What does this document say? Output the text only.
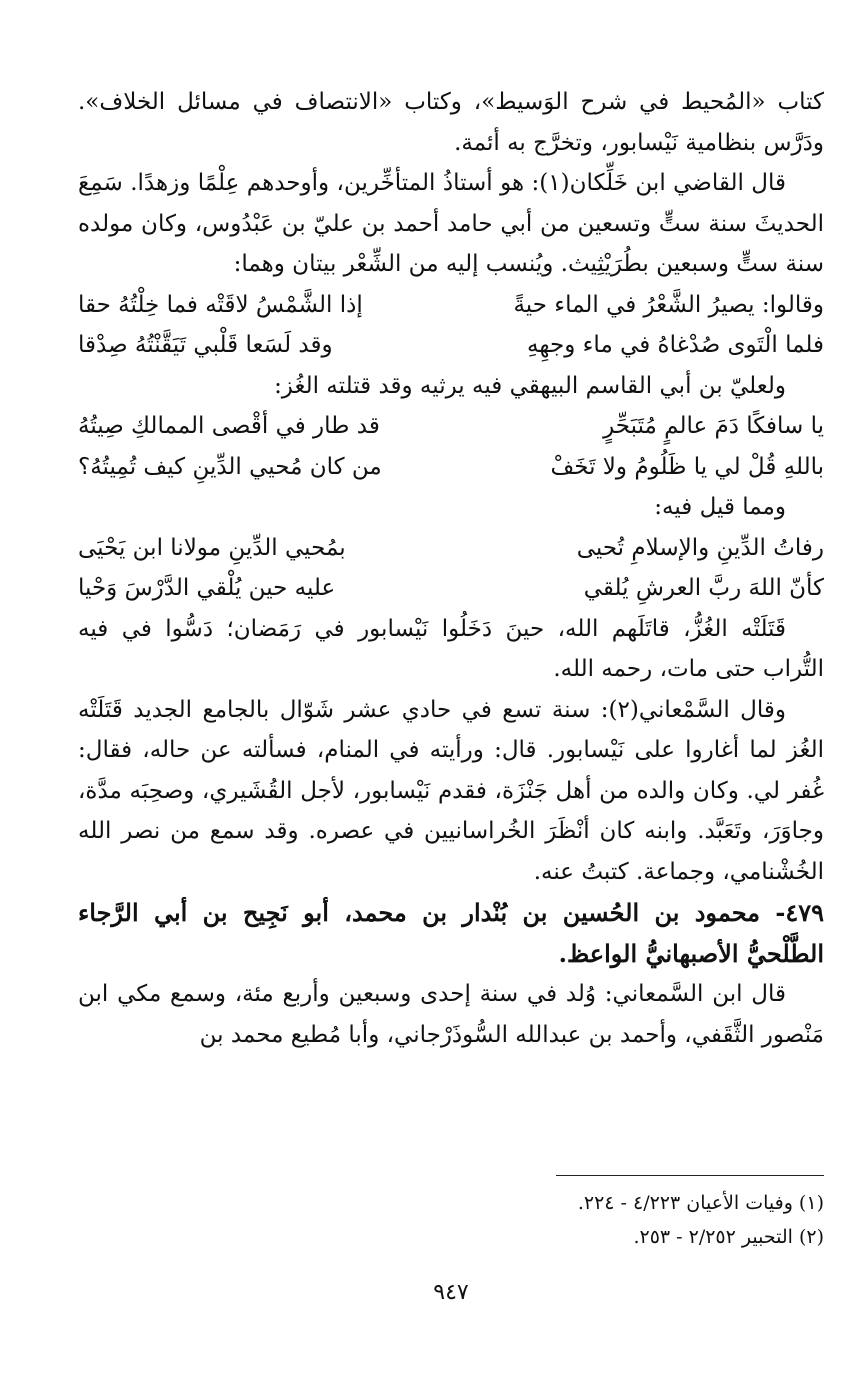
كتاب «المُحيط في شرح الوَسيط»، وكتاب «الانتصاف في مسائل الخلاف». ودَرَّس بنظامية نَيْسابور، وتخرَّج به أئمة.

قال القاضي ابن خَلِّكان(١): هو أستاذُ المتأخِّرين، وأوحدهم عِلْمًا وزهدًا. سَمِعَ الحديثَ سنة ستٍّ وتسعين من أبي حامد أحمد بن عليّ بن عَبْدُوس، وكان مولده سنة ستٍّ وسبعين بطُرَيْثِيث. ويُنسب إليه من الشِّعْر بيتان وهما:

وقالوا: يصيرُ الشَّعْرُ في الماء حيةً
إذا الشَّمْسُ لاقَتْه فما خِلْتُهُ حقا
فلما الْتَوى صُدْغاهُ في ماء وجهِهِ
وقد لَسَعا قَلْبي تَيَقَّنْتُهُ صِدْقا

ولعليّ بن أبي القاسم البيهقي فيه يرثيه وقد قتلته الغُز:

يا سافكًا دَمَ عالمٍ مُتَبَحِّرٍ
قد طار في أقْصى الممالكِ صِيتُهُ
باللهِ قُلْ لي يا ظَلُومُ ولا تَخَفْ
من كان مُحيي الدِّينِ كيف تُمِيتُهُ؟

ومما قيل فيه:

رفاتُ الدِّينِ والإسلامِ تُحيى
بمُحيي الدِّينِ مولانا ابن يَحْيَى
كأنّ اللهَ ربَّ العرشِ يُلقي
عليه حين يُلْقي الدَّرْسَ وَحْيا

قَتَلَتْه الغُزُّ، قاتَلَهم الله، حينَ دَخَلُوا نَيْسابور في رَمَضان؛ دَسُّوا في فيه التُّراب حتى مات، رحمه الله.

وقال السَّمْعاني(٢): سنة تسع في حادي عشر شَوّال بالجامع الجديد قَتَلَتْه الغُز لما أغاروا على نَيْسابور. قال: ورأيته في المنام، فسألته عن حاله، فقال: غُفر لي. وكان والده من أهل جَنْزَة، فقدم نَيْسابور، لأجل القُشَيري، وصحِبَه مدَّة، وجاوَرَ، وتَعَبَّد. وابنه كان أنْظَرَ الخُراسانيين في عصره. وقد سمع من نصر الله الخُشْنامي، وجماعة. كتبتُ عنه.

٤٧٩- محمود بن الحُسين بن بُنْدار بن محمد، أبو نَجِيح بن أبي الرَّجاء الطَّلْحيُّ الأصبهانيُّ الواعظ.

قال ابن السَّمعاني: وُلد في سنة إحدى وسبعين وأربع مئة، وسمع مكي ابن مَنْصور الثَّقَفي، وأحمد بن عبدالله السُّوذَرْجاني، وأبا مُطيع محمد بن

(١) وفيات الأعيان ٤/٢٢٣ - ٢٢٤.

(٢) التحبير ٢/٢٥٢ - ٢٥٣.

٩٤٧
